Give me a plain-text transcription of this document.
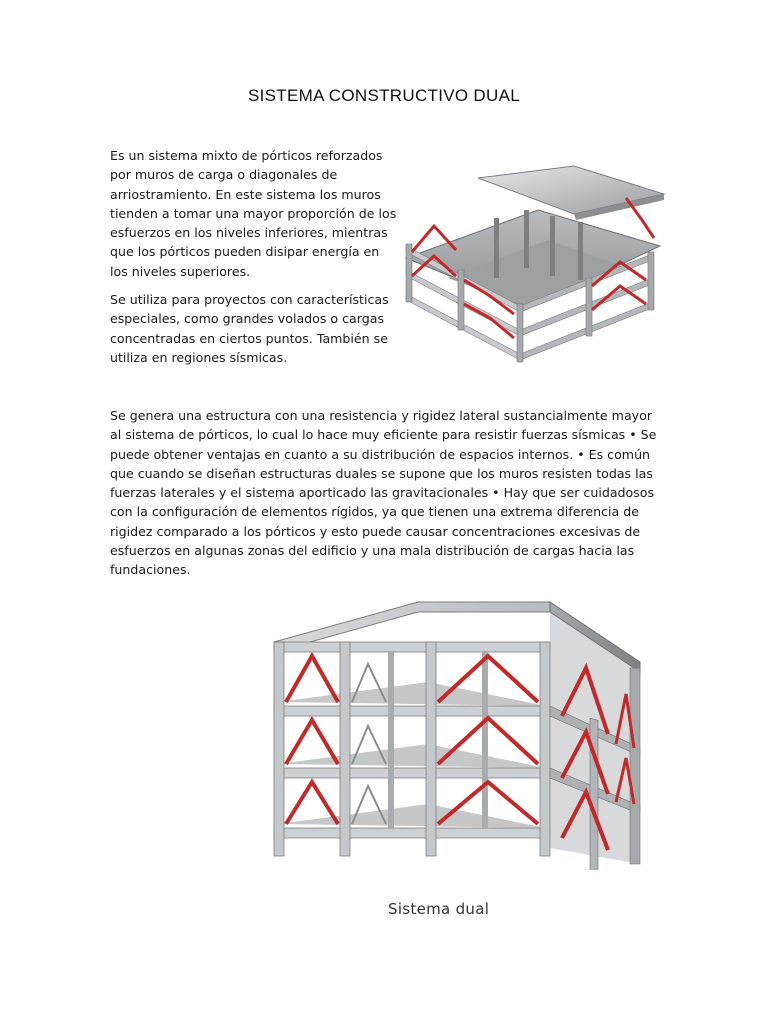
SISTEMA CONSTRUCTIVO DUAL

Es un sistema mixto de pórticos reforzados por muros de carga o diagonales de arriostramiento. En este sistema los muros tienden a tomar una mayor proporción de los esfuerzos en los niveles inferiores, mientras que los pórticos pueden disipar energía en los niveles superiores.

Se utiliza para proyectos con características especiales, como grandes volados o cargas concentradas en ciertos puntos. También se utiliza en regiones sísmicas.

Se genera una estructura con una resistencia y rigidez lateral sustancialmente mayor al sistema de pórticos, lo cual lo hace muy eficiente para resistir fuerzas sísmicas • Se puede obtener ventajas en cuanto a su distribución de espacios internos. • Es común que cuando se diseñan estructuras duales se supone que los muros resisten todas las fuerzas laterales y el sistema aporticado las gravitacionales • Hay que ser cuidadosos con la configuración de elementos rígidos, ya que tienen una extrema diferencia de rigidez comparado a los pórticos y esto puede causar concentraciones excesivas de esfuerzos en algunas zonas del edificio y una mala distribución de cargas hacia las fundaciones.

Sistema dual
